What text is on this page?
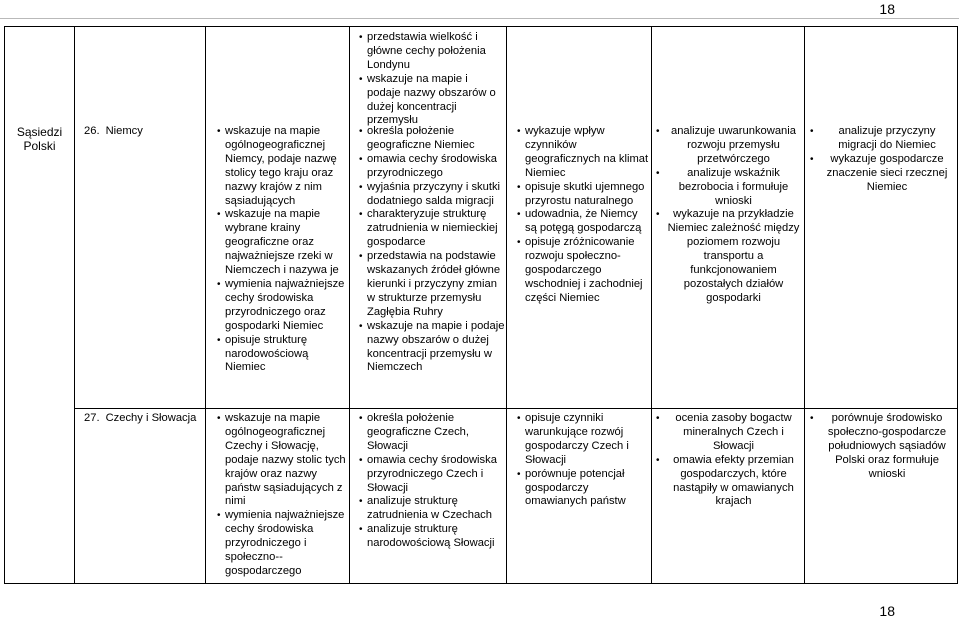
18
Sąsiedzi Polski
• przedstawia wielkość i główne cechy położenia Londynu
• wskazuje na mapie i podaje nazwy obszarów o dużej koncentracji przemysłu
26. Niemcy	• wskazuje na mapie ogólnogeograficznej Niemcy, podaje nazwę stolicy tego kraju oraz nazwy krajów z nim sąsiadujących
• wskazuje na mapie wybrane krainy geograficzne oraz najważniejsze rzeki w Niemczech i nazywa je
• wymienia najważniejsze cechy środowiska przyrodniczego oraz gospodarki Niemiec
• opisuje strukturę narodowościową Niemiec
• określa położenie geograficzne Niemiec
• omawia cechy środowiska przyrodniczego
• wyjaśnia przyczyny i skutki dodatniego salda migracji
• charakteryzuje strukturę zatrudnienia w niemieckiej gospodarce
• przedstawia na podstawie wskazanych źródeł główne kierunki i przyczyny zmian w strukturze przemysłu Zagłębia Ruhry
• wskazuje na mapie i podaje nazwy obszarów o dużej koncentracji przemysłu w Niemczech
• wykazuje wpływ czynników geograficznych na klimat Niemiec
• opisuje skutki ujemnego przyrostu naturalnego
• udowadnia, że Niemcy są potęgą gospodarczą
• opisuje zróżnicowanie rozwoju społeczno-gospodarczego wschodniej i zachodniej części Niemiec
• analizuje uwarunkowania rozwoju przemysłu przetwórczego
• analizuje wskaźnik bezrobocia i formułuje wnioski
• wykazuje na przykładzie Niemiec zależność między poziomem rozwoju transportu a funkcjonowaniem pozostałych działów gospodarki
• analizuje przyczyny migracji do Niemiec
• wykazuje gospodarcze znaczenie sieci rzecznej Niemiec
27. Czechy i Słowacja	• wskazuje na mapie ogólnogeograficznej Czechy i Słowację, podaje nazwy stolic tych krajów oraz nazwy państw sąsiadujących z nimi
• wymienia najważniejsze cechy środowiska przyrodniczego i społeczno--gospodarczego
• określa położenie geograficzne Czech, Słowacji
• omawia cechy środowiska przyrodniczego Czech i Słowacji
• analizuje strukturę zatrudnienia w Czechach
• analizuje strukturę narodowościową Słowacji
• opisuje czynniki warunkujące rozwój gospodarczy Czech i Słowacji
• porównuje potencjał gospodarczy omawianych państw
• ocenia zasoby bogactw mineralnych Czech i Słowacji
• omawia efekty przemian gospodarczych, które nastąpiły w omawianych krajach
• porównuje środowisko społeczno-gospodarcze południowych sąsiadów Polski oraz formułuje wnioski
18
